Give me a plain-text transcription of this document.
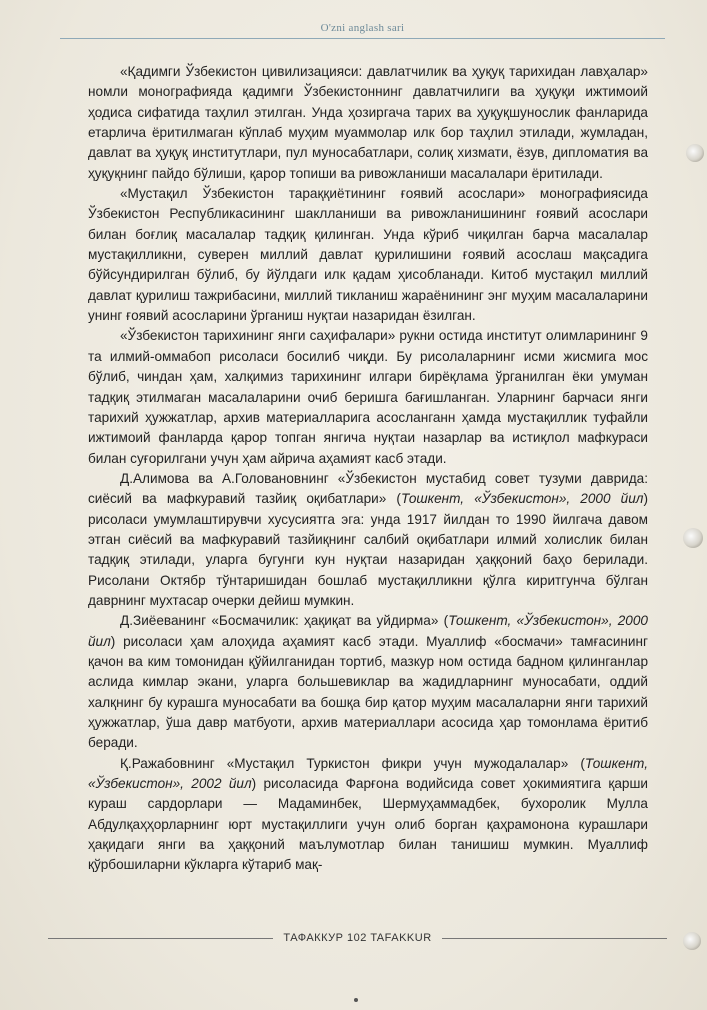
O'zni anglash sari

«Қадимги Ўзбекистон цивилизацияси: давлатчилик ва ҳуқуқ тарихидан лавҳалар» номли монографияда қадимги Ўзбекистоннинг давлатчилиги ва ҳуқуқи ижтимоий ҳодиса сифатида таҳлил этилган. Унда ҳозиргача тарих ва ҳуқуқшунослик фанларида етарлича ёритилмаган кўплаб муҳим муаммолар илк бор таҳлил этилади, жумладан, давлат ва ҳуқуқ институтлари, пул муносабатлари, солиқ хизмати, ёзув, дипломатия ва ҳуқуқнинг пайдо бўлиши, қарор топиши ва ривожланиши масалалари ёритилади.

«Мустақил Ўзбекистон тараққиётининг ғоявий асослари» монографиясида Ўзбекистон Республикасининг шаклланиши ва ривожланишининг ғоявий асослари билан боғлиқ масалалар тадқиқ қилинган. Унда кўриб чиқилган барча масалалар мустақилликни, суверен миллий давлат қурилишини ғоявий асослаш мақсадига бўйсундирилган бўлиб, бу йўлдаги илк қадам ҳисобланади. Китоб мустақил миллий давлат қурилиш тажрибасини, миллий тикланиш жараёнининг энг муҳим масалаларини унинг ғоявий асосларини ўрганиш нуқтаи назаридан ёзилган.

«Ўзбекистон тарихининг янги саҳифалари» рукни остида институт олимларининг 9 та илмий-оммабоп рисоласи босилиб чиқди. Бу рисолаларнинг исми жисмига мос бўлиб, чиндан ҳам, халқимиз тарихининг илгари бирёқлама ўрганилган ёки умуман тадқиқ этилмаган масалаларини очиб беришга бағишланган. Уларнинг барчаси янги тарихий ҳужжатлар, архив материалларига асосланганн ҳамда мустақиллик туфайли ижтимоий фанларда қарор топган янгича нуқтаи назарлар ва истиқлол мафкураси билан суғорилгани учун ҳам айрича аҳамият касб этади.

Д.Алимова ва А.Головановнинг «Ўзбекистон мустабид совет тузуми даврида: сиёсий ва мафкуравий тазйиқ оқибатлари» (Тошкент, «Ўзбекистон», 2000 йил) рисоласи умумлаштирувчи хусусиятга эга: унда 1917 йилдан то 1990 йилгача давом этган сиёсий ва мафкуравий тазйиқнинг салбий оқибатлари илмий холислик билан тадқиқ этилади, уларга бугунги кун нуқтаи назаридан ҳаққоний баҳо берилади. Рисолани Октябр тўнтаришидан бошлаб мустақилликни қўлга киритгунча бўлган даврнинг мухтасар очерки дейиш мумкин.

Д.Зиёеванинг «Босмачилик: ҳақиқат ва уйдирма» (Тошкент, «Ўзбекистон», 2000 йил) рисоласи ҳам алоҳида аҳамият касб этади. Муаллиф «босмачи» тамғасининг қачон ва ким томонидан қўйилганидан тортиб, мазкур ном остида бадном қилинганлар аслида кимлар экани, уларга большевиклар ва жадидларнинг муносабати, оддий халқнинг бу курашга муносабати ва бошқа бир қатор муҳим масалаларни янги тарихий ҳужжатлар, ўша давр матбуоти, архив материаллари асосида ҳар томонлама ёритиб беради.

Қ.Ражабовнинг «Мустақил Туркистон фикри учун мужодалалар» (Тошкент, «Ўзбекистон», 2002 йил) рисоласида Фарғона водийсида совет ҳокимиятига қарши кураш сардорлари — Мадаминбек, Шермуҳаммадбек, бухоролик Мулла Абдулқаҳҳорларнинг юрт мустақиллиги учун олиб борган қаҳрамонона курашлари ҳақидаги янги ва ҳаққоний маълумотлар билан танишиш мумкин. Муаллиф қўрбошиларни кўкларга кўтариб мақ-

ТАФАККУР 102 TAFAKKUR
